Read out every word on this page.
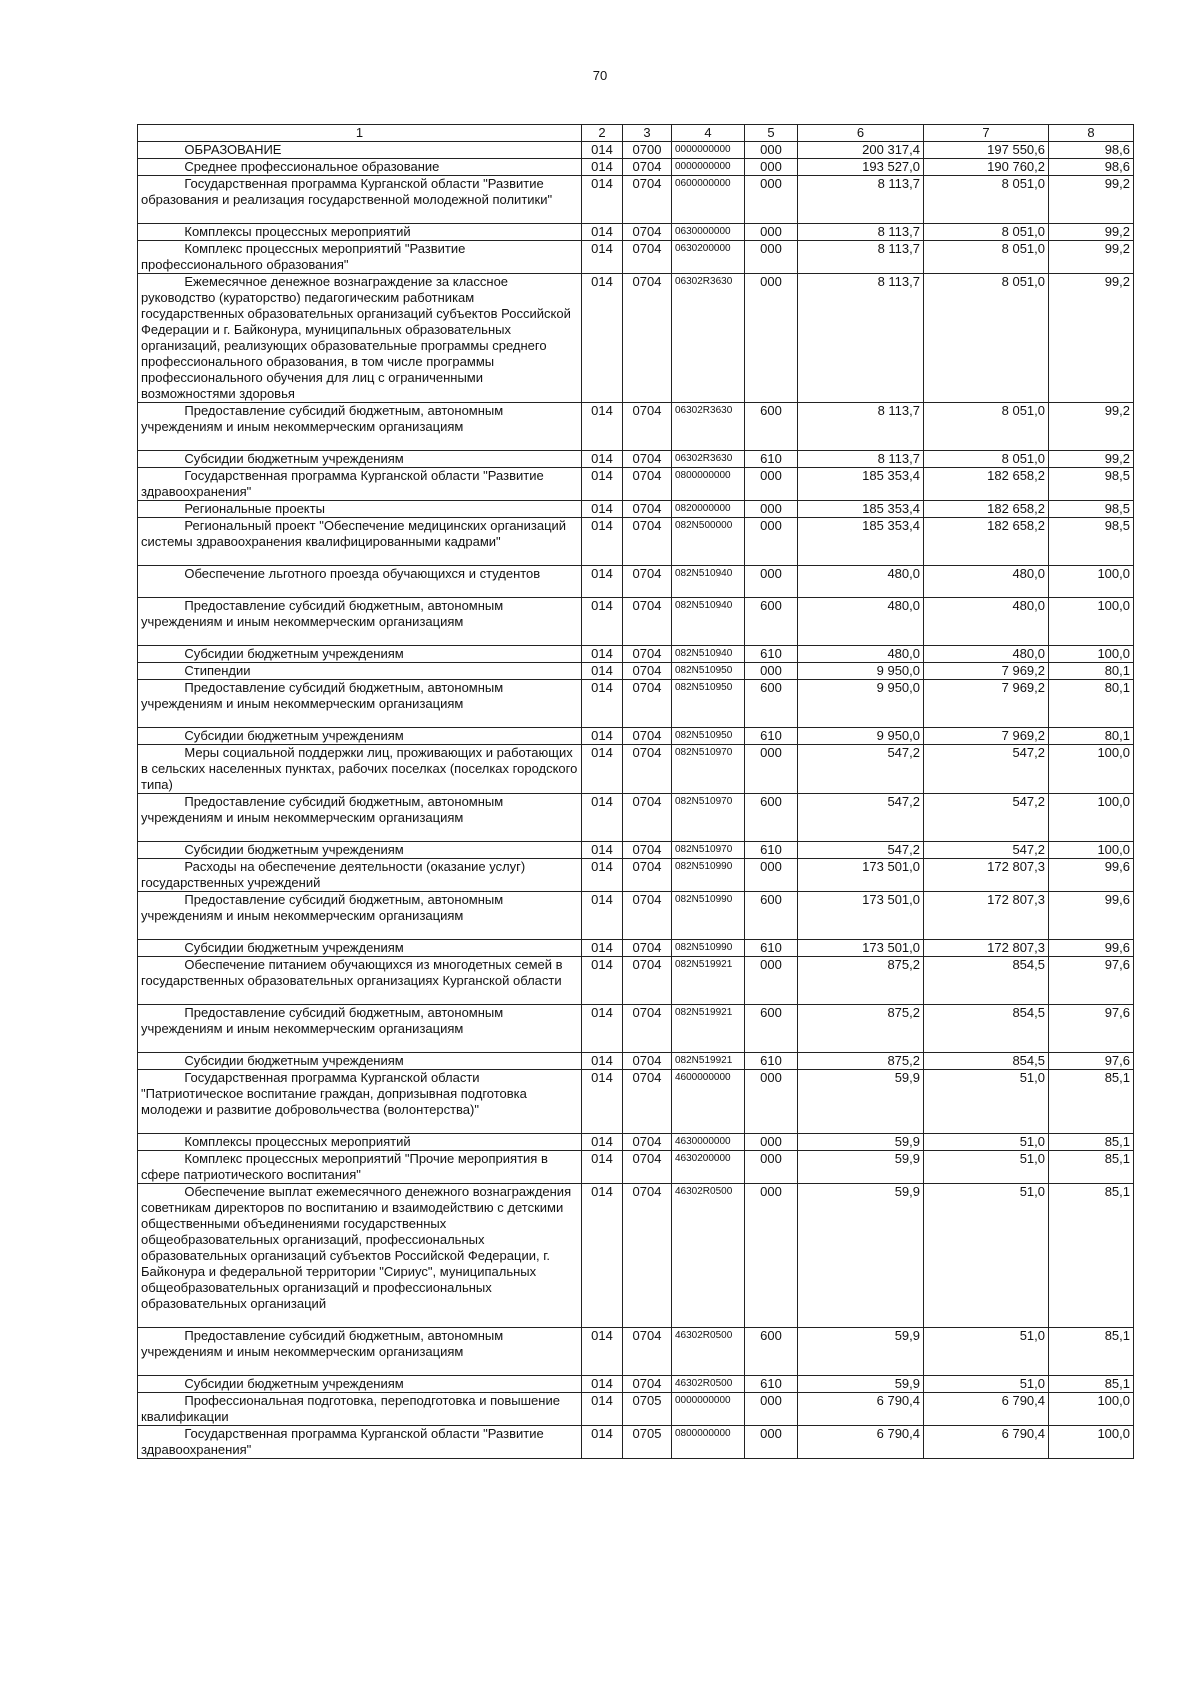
70
1	2	3	4	5	6	7	8
ОБРАЗОВАНИЕ	014	0700	0000000000	000	200 317,4	197 550,6	98,6
Среднее профессиональное образование	014	0704	0000000000	000	193 527,0	190 760,2	98,6
Государственная программа Курганской области "Развитие образования и реализация государственной молодежной политики"	014	0704	0600000000	000	8 113,7	8 051,0	99,2
Комплексы процессных мероприятий	014	0704	0630000000	000	8 113,7	8 051,0	99,2
Комплекс процессных мероприятий "Развитие профессионального образования"	014	0704	0630200000	000	8 113,7	8 051,0	99,2
Ежемесячное денежное вознаграждение за классное руководство (кураторство) педагогическим работникам государственных образовательных организаций субъектов Российской Федерации и г. Байконура, муниципальных образовательных организаций, реализующих образовательные программы среднего профессионального образования, в том числе программы профессионального обучения для лиц с ограниченными возможностями здоровья	014	0704	06302R3630	000	8 113,7	8 051,0	99,2
Предоставление субсидий бюджетным, автономным учреждениям и иным некоммерческим организациям	014	0704	06302R3630	600	8 113,7	8 051,0	99,2
Субсидии бюджетным учреждениям	014	0704	06302R3630	610	8 113,7	8 051,0	99,2
Государственная программа Курганской области "Развитие здравоохранения"	014	0704	0800000000	000	185 353,4	182 658,2	98,5
Региональные проекты	014	0704	0820000000	000	185 353,4	182 658,2	98,5
Региональный проект "Обеспечение медицинских организаций системы здравоохранения квалифицированными кадрами"	014	0704	082N500000	000	185 353,4	182 658,2	98,5
Обеспечение льготного проезда обучающихся и студентов	014	0704	082N510940	000	480,0	480,0	100,0
Предоставление субсидий бюджетным, автономным учреждениям и иным некоммерческим организациям	014	0704	082N510940	600	480,0	480,0	100,0
Субсидии бюджетным учреждениям	014	0704	082N510940	610	480,0	480,0	100,0
Стипендии	014	0704	082N510950	000	9 950,0	7 969,2	80,1
Предоставление субсидий бюджетным, автономным учреждениям и иным некоммерческим организациям	014	0704	082N510950	600	9 950,0	7 969,2	80,1
Субсидии бюджетным учреждениям	014	0704	082N510950	610	9 950,0	7 969,2	80,1
Меры социальной поддержки лиц, проживающих и работающих в сельских населенных пунктах, рабочих поселках (поселках городского типа)	014	0704	082N510970	000	547,2	547,2	100,0
Предоставление субсидий бюджетным, автономным учреждениям и иным некоммерческим организациям	014	0704	082N510970	600	547,2	547,2	100,0
Субсидии бюджетным учреждениям	014	0704	082N510970	610	547,2	547,2	100,0
Расходы на обеспечение деятельности (оказание услуг) государственных учреждений	014	0704	082N510990	000	173 501,0	172 807,3	99,6
Предоставление субсидий бюджетным, автономным учреждениям и иным некоммерческим организациям	014	0704	082N510990	600	173 501,0	172 807,3	99,6
Субсидии бюджетным учреждениям	014	0704	082N510990	610	173 501,0	172 807,3	99,6
Обеспечение питанием обучающихся из многодетных семей в государственных образовательных организациях Курганской области	014	0704	082N519921	000	875,2	854,5	97,6
Предоставление субсидий бюджетным, автономным учреждениям и иным некоммерческим организациям	014	0704	082N519921	600	875,2	854,5	97,6
Субсидии бюджетным учреждениям	014	0704	082N519921	610	875,2	854,5	97,6
Государственная программа Курганской области "Патриотическое воспитание граждан, допризывная подготовка молодежи и развитие добровольчества (волонтерства)"	014	0704	4600000000	000	59,9	51,0	85,1
Комплексы процессных мероприятий	014	0704	4630000000	000	59,9	51,0	85,1
Комплекс процессных мероприятий "Прочие мероприятия в сфере патриотического воспитания"	014	0704	4630200000	000	59,9	51,0	85,1
Обеспечение выплат ежемесячного денежного вознаграждения советникам директоров по воспитанию и взаимодействию с детскими общественными объединениями государственных общеобразовательных организаций, профессиональных образовательных организаций субъектов Российской Федерации, г. Байконура и федеральной территории "Сириус", муниципальных общеобразовательных организаций и профессиональных образовательных организаций	014	0704	46302R0500	000	59,9	51,0	85,1
Предоставление субсидий бюджетным, автономным учреждениям и иным некоммерческим организациям	014	0704	46302R0500	600	59,9	51,0	85,1
Субсидии бюджетным учреждениям	014	0704	46302R0500	610	59,9	51,0	85,1
Профессиональная подготовка, переподготовка и повышение квалификации	014	0705	0000000000	000	6 790,4	6 790,4	100,0
Государственная программа Курганской области "Развитие здравоохранения"	014	0705	0800000000	000	6 790,4	6 790,4	100,0
